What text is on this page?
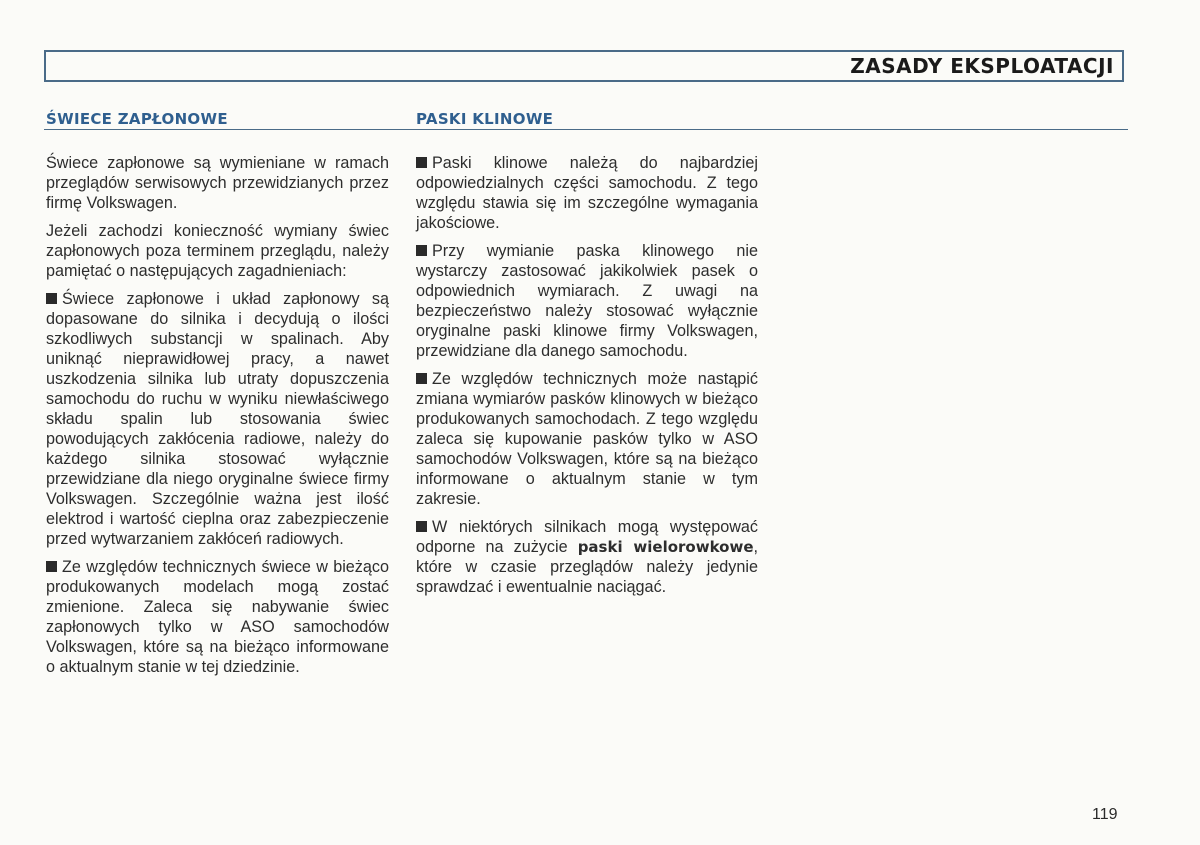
ZASADY EKSPLOATACJI
ŚWIECE ZAPŁONOWE	PASKI KLINOWE

Świece zapłonowe są wymieniane w ramach przeglądów serwisowych przewidzianych przez firmę Volkswagen.

Jeżeli zachodzi konieczność wymiany świec zapłonowych poza terminem przeglądu, należy pamiętać o następujących zagadnieniach:

Świece zapłonowe i układ zapłonowy są dopasowane do silnika i decydują o ilości szkodliwych substancji w spalinach. Aby uniknąć nieprawidłowej pracy, a nawet uszkodzenia silnika lub utraty dopuszczenia samochodu do ruchu w wyniku niewłaściwego składu spalin lub stosowania świec powodujących zakłócenia radiowe, należy do każdego silnika stosować wyłącznie przewidziane dla niego oryginalne świece firmy Volkswagen. Szczególnie ważna jest ilość elektrod i wartość cieplna oraz zabezpieczenie przed wytwarzaniem zakłóceń radiowych.

Ze względów technicznych świece w bieżąco produkowanych modelach mogą zostać zmienione. Zaleca się nabywanie świec zapłonowych tylko w ASO samochodów Volkswagen, które są na bieżąco informowane o aktualnym stanie w tej dziedzinie.

Paski klinowe należą do najbardziej odpowiedzialnych części samochodu. Z tego względu stawia się im szczególne wymagania jakościowe.

Przy wymianie paska klinowego nie wystarczy zastosować jakikolwiek pasek o odpowiednich wymiarach. Z uwagi na bezpieczeństwo należy stosować wyłącznie oryginalne paski klinowe firmy Volkswagen, przewidziane dla danego samochodu.

Ze względów technicznych może nastąpić zmiana wymiarów pasków klinowych w bieżąco produkowanych samochodach. Z tego względu zaleca się kupowanie pasków tylko w ASO samochodów Volkswagen, które są na bieżąco informowane o aktualnym stanie w tym zakresie.

W niektórych silnikach mogą występować odporne na zużycie paski wielorowkowe, które w czasie przeglądów należy jedynie sprawdzać i ewentualnie naciągać.

119
